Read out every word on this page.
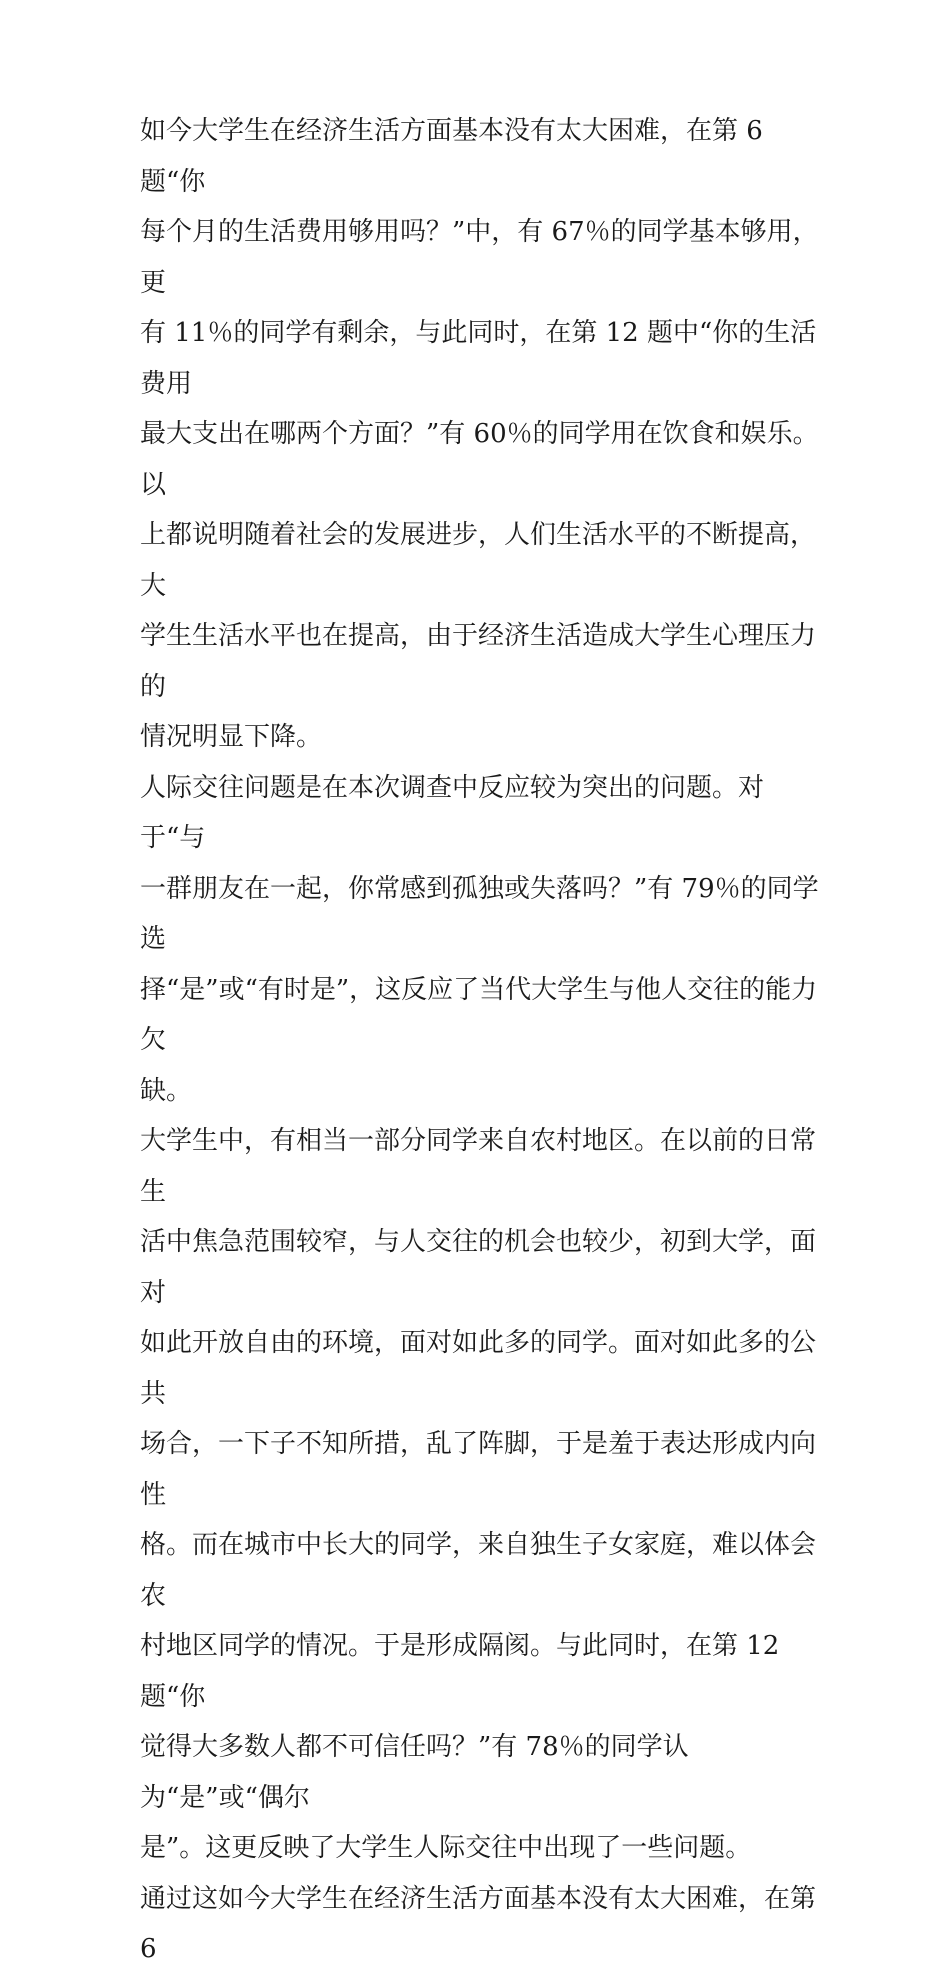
如今大学生在经济生活方面基本没有太大困难，在第 6 题“你
每个月的生活费用够用吗？”中，有 67％的同学基本够用，更
有 11％的同学有剩余，与此同时，在第 12 题中“你的生活费用
最大支出在哪两个方面？”有 60％的同学用在饮食和娱乐。以
上都说明随着社会的发展进步，人们生活水平的不断提高，大
学生生活水平也在提高，由于经济生活造成大学生心理压力的
情况明显下降。

人际交往问题是在本次调查中反应较为突出的问题。对于“与
一群朋友在一起，你常感到孤独或失落吗？”有 79％的同学选
择“是”或“有时是”，这反应了当代大学生与他人交往的能力欠
缺。

大学生中，有相当一部分同学来自农村地区。在以前的日常生
活中焦急范围较窄，与人交往的机会也较少，初到大学，面对
如此开放自由的环境，面对如此多的同学。面对如此多的公共
场合，一下子不知所措，乱了阵脚，于是羞于表达形成内向性
格。而在城市中长大的同学，来自独生子女家庭，难以体会农
村地区同学的情况。于是形成隔阂。与此同时，在第 12 题“你
觉得大多数人都不可信任吗？”有 78％的同学认为“是”或“偶尔
是”。这更反映了大学生人际交往中出现了一些问题。

通过这如今大学生在经济生活方面基本没有太大困难，在第 6
